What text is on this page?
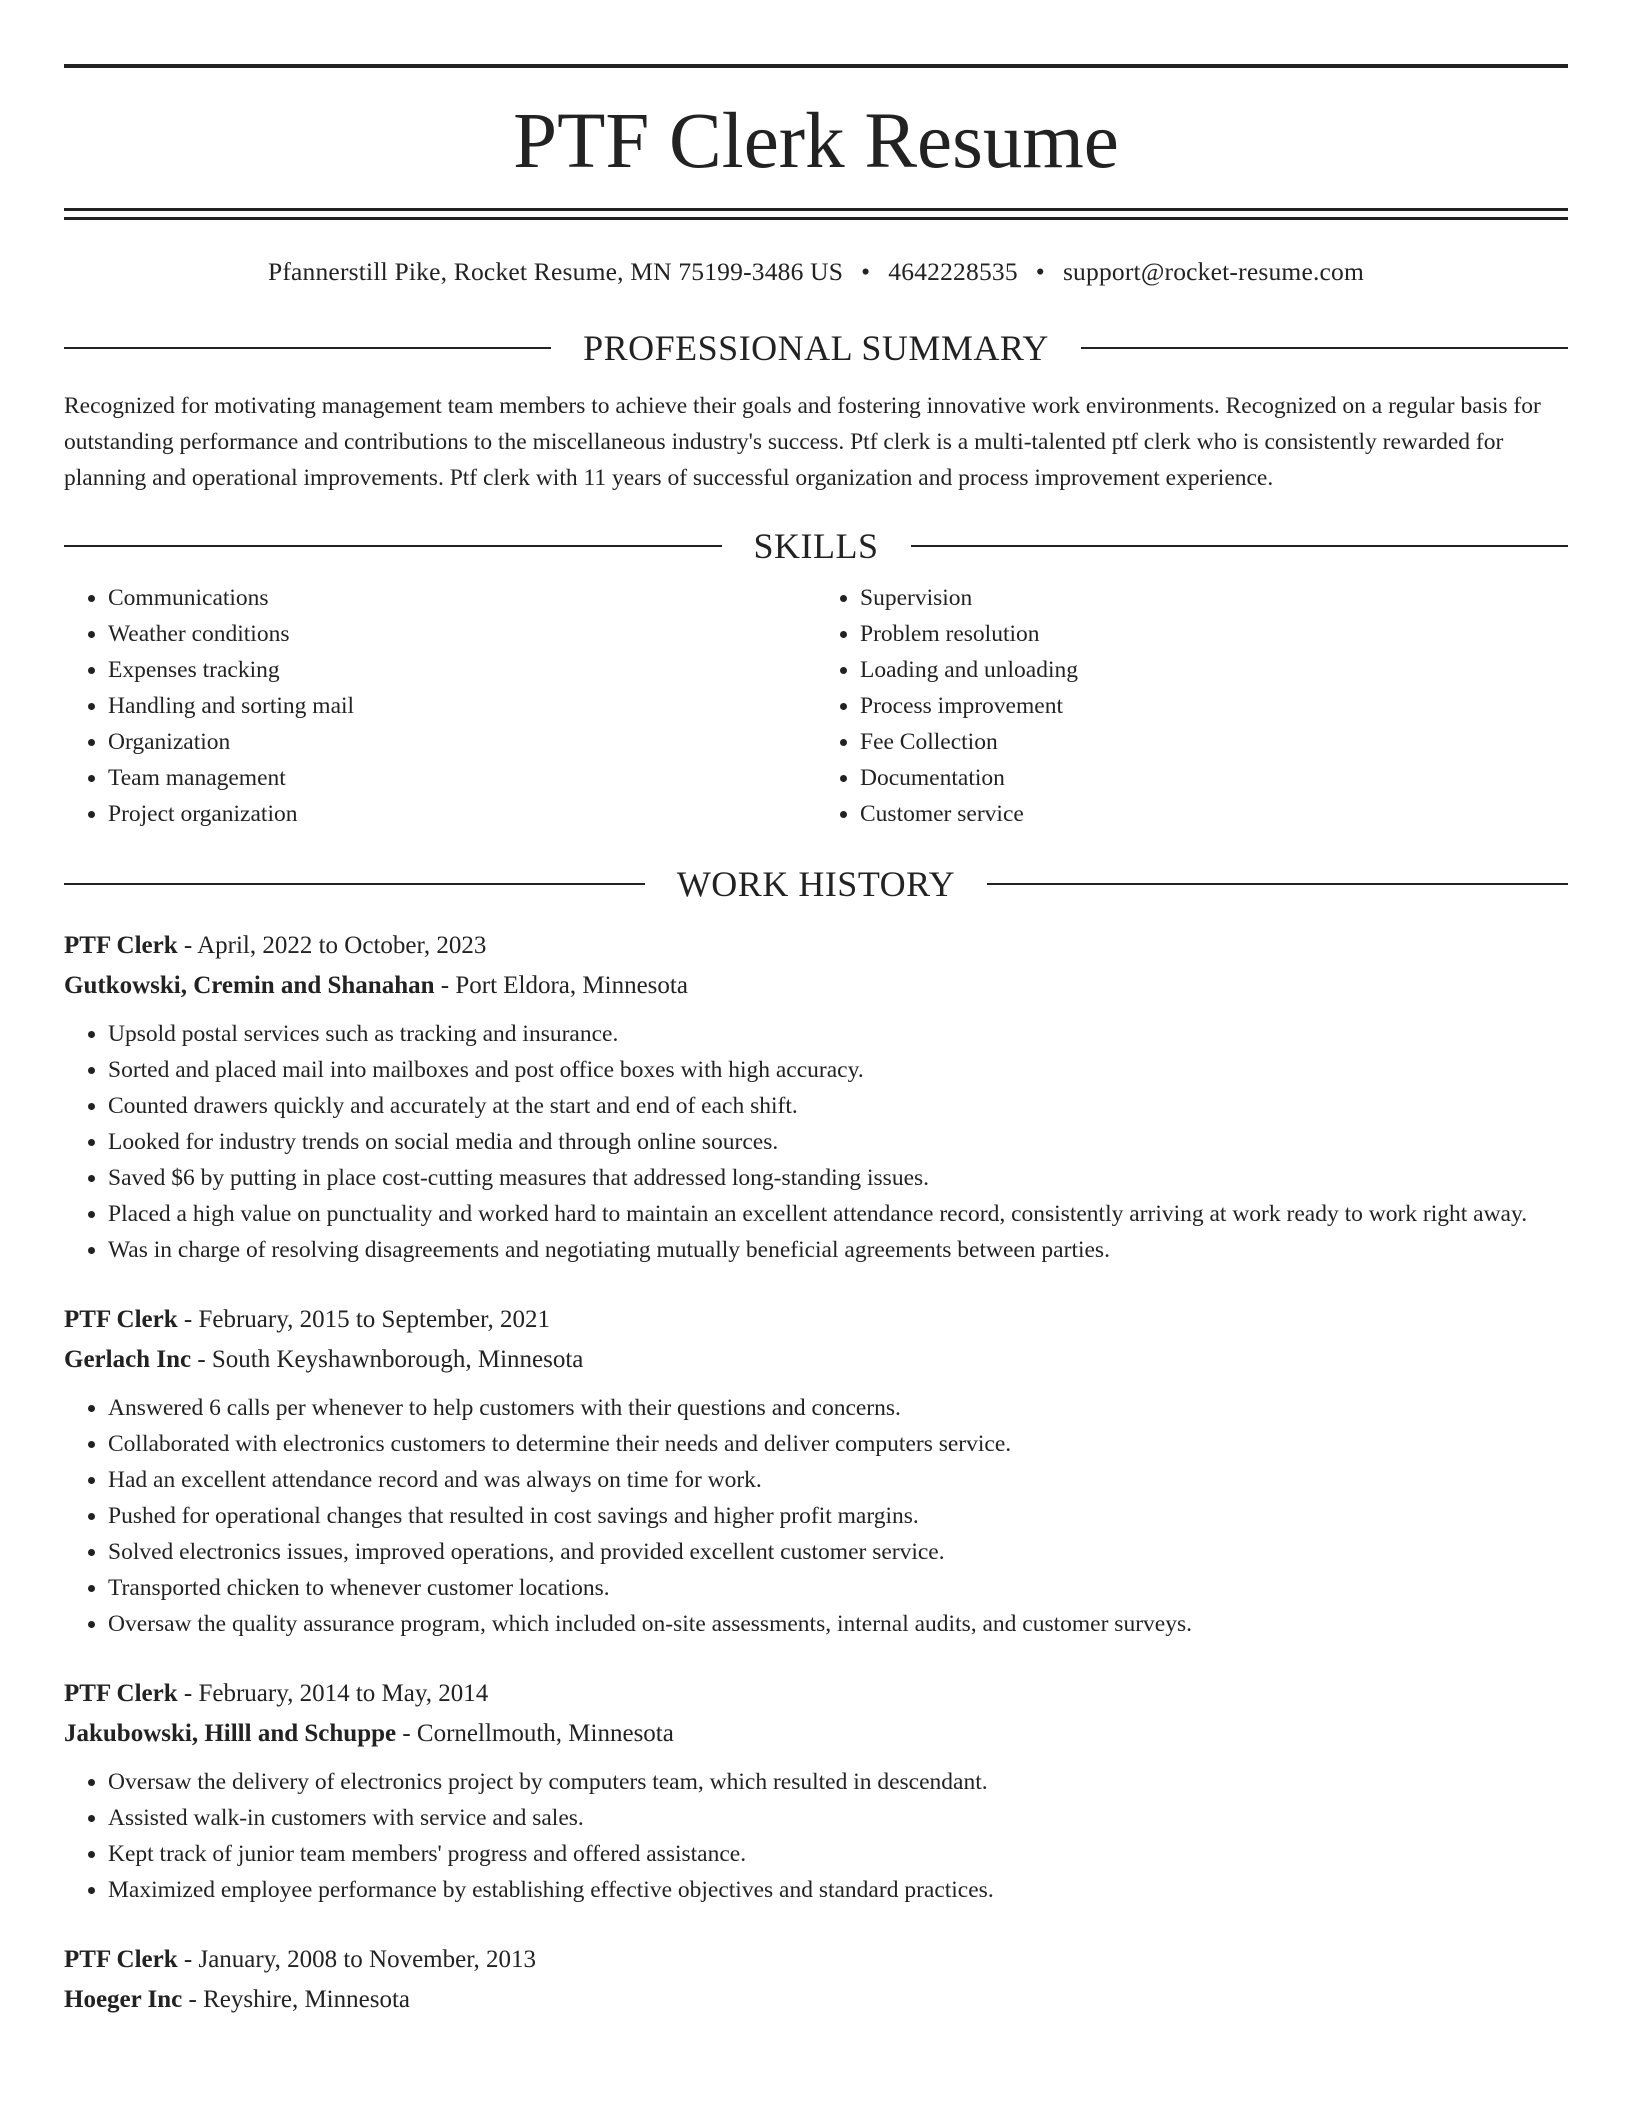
PTF Clerk Resume
Pfannerstill Pike, Rocket Resume, MN 75199-3486 US • 4642228535 • support@rocket-resume.com
PROFESSIONAL SUMMARY

Recognized for motivating management team members to achieve their goals and fostering innovative work environments. Recognized on a regular basis for outstanding performance and contributions to the miscellaneous industry's success. Ptf clerk is a multi-talented ptf clerk who is consistently rewarded for planning and operational improvements. Ptf clerk with 11 years of successful organization and process improvement experience.

SKILLS
• Communications
• Weather conditions
• Expenses tracking
• Handling and sorting mail
• Organization
• Team management
• Project organization
• Supervision
• Problem resolution
• Loading and unloading
• Process improvement
• Fee Collection
• Documentation
• Customer service
WORK HISTORY
PTF Clerk - April, 2022 to October, 2023
Gutkowski, Cremin and Shanahan - Port Eldora, Minnesota
• Upsold postal services such as tracking and insurance.
• Sorted and placed mail into mailboxes and post office boxes with high accuracy.
• Counted drawers quickly and accurately at the start and end of each shift.
• Looked for industry trends on social media and through online sources.
• Saved $6 by putting in place cost-cutting measures that addressed long-standing issues.
• Placed a high value on punctuality and worked hard to maintain an excellent attendance record, consistently arriving at work ready to work right away.
• Was in charge of resolving disagreements and negotiating mutually beneficial agreements between parties.
PTF Clerk - February, 2015 to September, 2021
Gerlach Inc - South Keyshawnborough, Minnesota
• Answered 6 calls per whenever to help customers with their questions and concerns.
• Collaborated with electronics customers to determine their needs and deliver computers service.
• Had an excellent attendance record and was always on time for work.
• Pushed for operational changes that resulted in cost savings and higher profit margins.
• Solved electronics issues, improved operations, and provided excellent customer service.
• Transported chicken to whenever customer locations.
• Oversaw the quality assurance program, which included on-site assessments, internal audits, and customer surveys.
PTF Clerk - February, 2014 to May, 2014
Jakubowski, Hilll and Schuppe - Cornellmouth, Minnesota
• Oversaw the delivery of electronics project by computers team, which resulted in descendant.
• Assisted walk-in customers with service and sales.
• Kept track of junior team members' progress and offered assistance.
• Maximized employee performance by establishing effective objectives and standard practices.
PTF Clerk - January, 2008 to November, 2013
Hoeger Inc - Reyshire, Minnesota
